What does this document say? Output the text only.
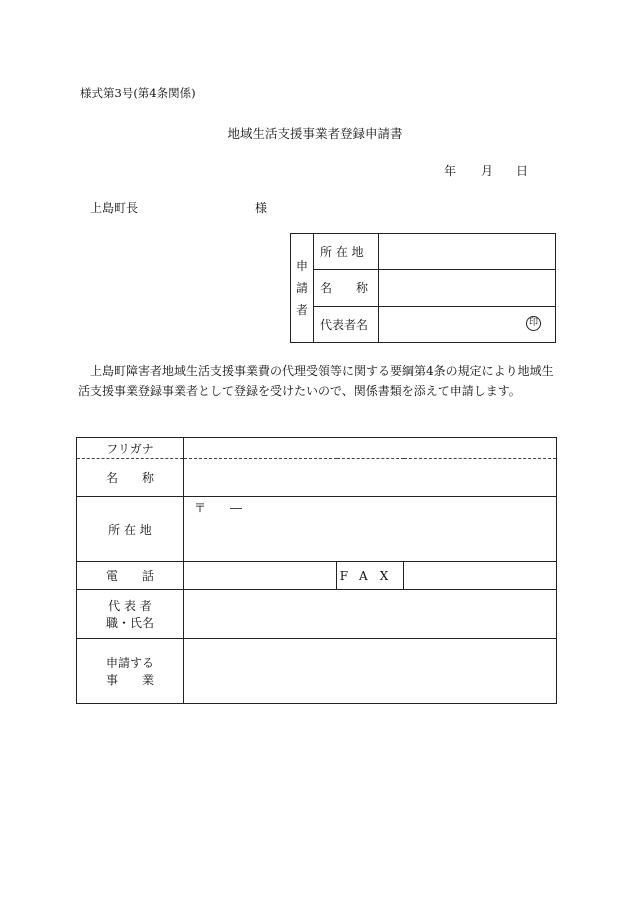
様式第3号(第4条関係)
地域生活支援事業者登録申請書
年 月 日
上島町長	様
申
請
者	所 在 地	
	名　　称	
	代表者名		印
上島町障害者地域生活支援事業費の代理受領等に関する要綱第4条の規定により地域生活支援事業登録事業者として登録を受けたいので、関係書類を添えて申請します。
フリガナ			
名　　称			
所 在 地	〒　　―		

電　　話		FAX	

代 表 者
職・氏名			

申請する
事　　業			
